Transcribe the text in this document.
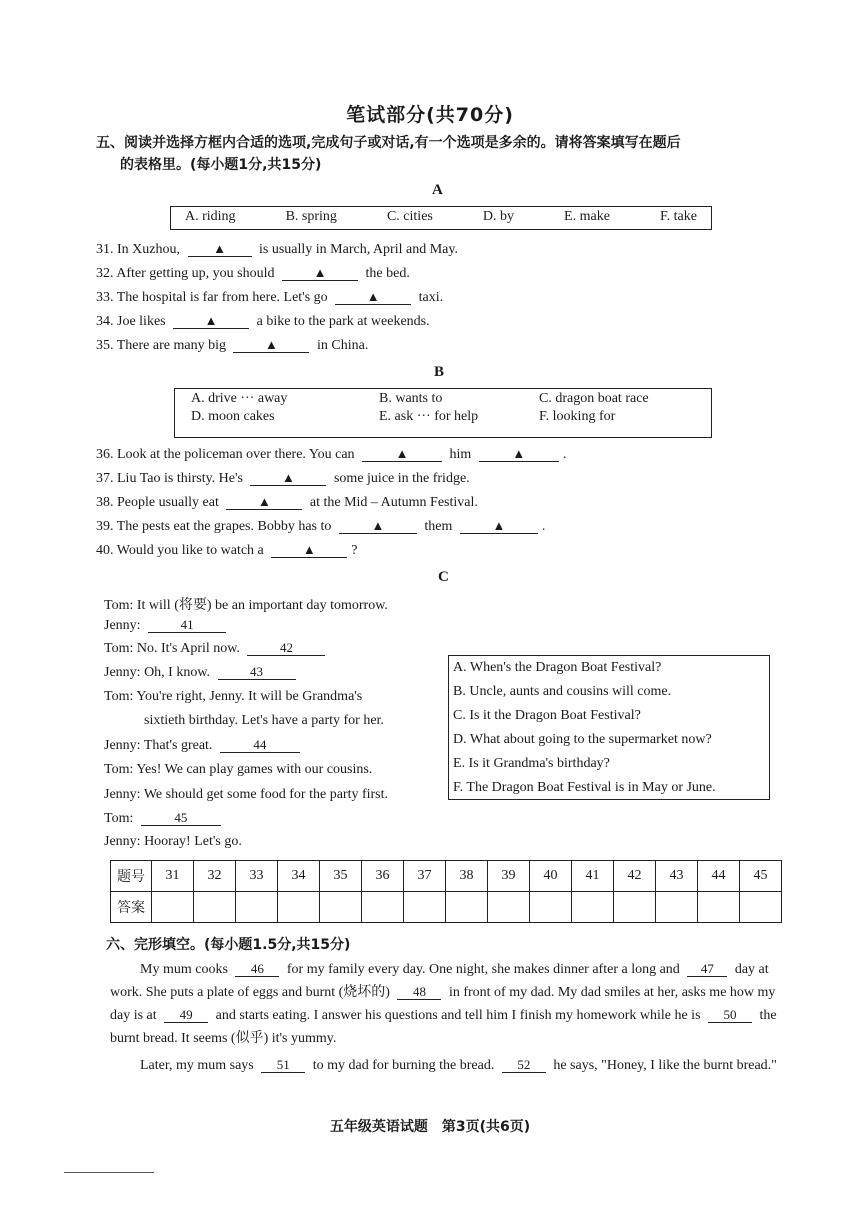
笔试部分(共70分)
五、阅读并选择方框内合适的选项,完成句子或对话,有一个选项是多余的。请将答案填写在题后
的表格里。(每小题1分,共15分)
A
A. riding	B. spring	C. cities	D. by	E. make	F. take
31. In Xuzhou,	▲ is usually in March, April and May.
32. After getting up, you should	▲	the bed.
33. The hospital is far from here. Let's go	▲	taxi.
34. Joe likes	▲	a bike to the park at weekends.
35. There are many big	▲	in China.
B
A. drive ··· away	B. wants to	C. dragon boat race
D. moon cakes	E. ask ··· for help	F. looking for
36. Look at the policeman over there. You can	▲	him	▲	.
37. Liu Tao is thirsty. He's	▲	some juice in the fridge.
38. People usually eat	▲	at the Mid – Autumn Festival.
39. The pests eat the grapes. Bobby has to	▲	them	▲	.
40. Would you like to watch a	▲	?
C
Tom: It will (将要) be an important day tomorrow.
Jenny:	41
Tom: No. It's April now.	42
Jenny: Oh, I know.	43
Tom: You're right, Jenny. It will be Grandma's
sixtieth birthday. Let's have a party for her.
Jenny: That's great.	44
Tom: Yes! We can play games with our cousins.
Jenny: We should get some food for the party first.
Tom:	45
Jenny: Hooray! Let's go.
A. When's the Dragon Boat Festival?
B. Uncle, aunts and cousins will come.
C. Is it the Dragon Boat Festival?
D. What about going to the supermarket now?
E. Is it Grandma's birthday?
F. The Dragon Boat Festival is in May or June.
题号	31	32	33	34	35	36	37	38	39	40	41	42	43	44	45
答案															
六、完形填空。(每小题1.5分,共15分)
My mum cooks 46 for my family every day. One night, she makes dinner after a long and 47 day at work. She puts a plate of eggs and burnt (烧坏的) 48 in front of my dad. My dad smiles at her, asks me how my day is at 49 and starts eating. I answer his questions and tell him I finish my homework while he is 50 the burnt bread. It seems (似乎) it's yummy.
Later, my mum says 51 to my dad for burning the bread. 52 he says, "Honey, I like the burnt bread."
五年级英语试题　第3页(共6页)
